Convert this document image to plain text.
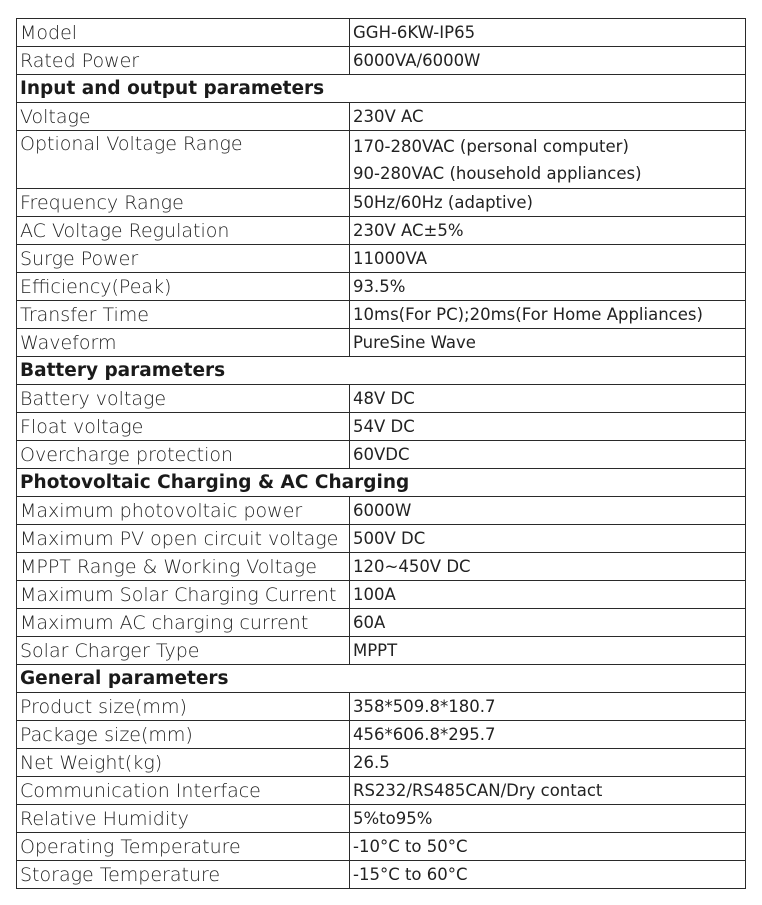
Model	GGH-6KW-IP65

Rated Power	6000VA/6000W

Input and output parameters	
Voltage	230V AC

Optional Voltage Range	170-280VAC (personal computer)
90-280VAC (household appliances)

Frequency Range	50Hz/60Hz (adaptive)

AC Voltage Regulation	230V AC±5%

Surge Power	11000VA

Efficiency(Peak)	93.5%

Transfer Time	10ms(For PC);20ms(For Home Appliances)

Waveform	PureSine Wave

Battery parameters	
Battery voltage	48V DC

Float voltage	54V DC

Overcharge protection	60VDC

Photovoltaic Charging & AC Charging	
Maximum photovoltaic power	6000W

Maximum PV open circuit voltage	500V DC

MPPT Range & Working Voltage	120~450V DC

Maximum Solar Charging Current	100A

Maximum AC charging current	60A

Solar Charger Type	MPPT

General parameters	
Product size(mm)	358*509.8*180.7

Package size(mm)	456*606.8*295.7

Net Weight(kg)	26.5

Communication Interface	RS232/RS485CAN/Dry contact

Relative Humidity	5%to95%

Operating Temperature	-10°C to 50°C

Storage Temperature	-15°C to 60°C
